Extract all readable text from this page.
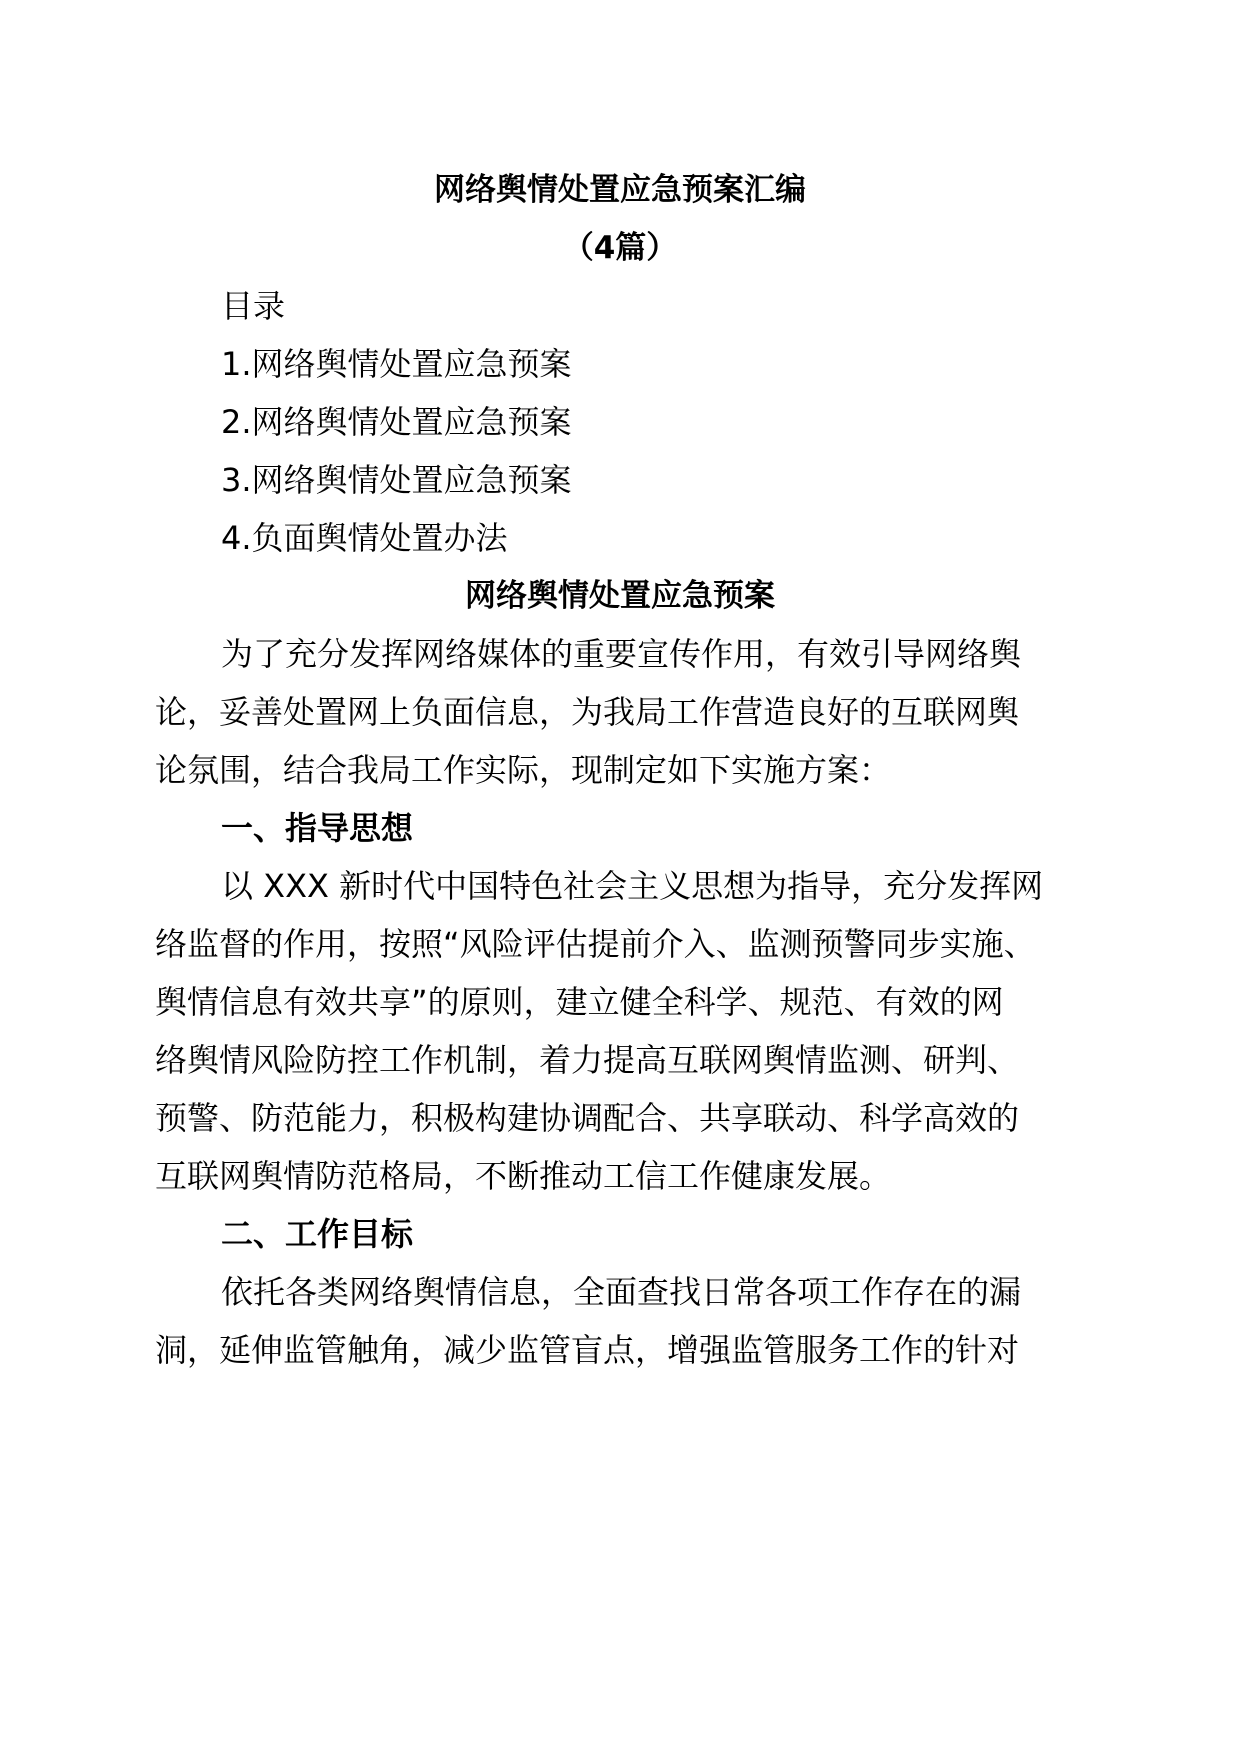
网络舆情处置应急预案汇编
（4篇）
目录
1.网络舆情处置应急预案
2.网络舆情处置应急预案
3.网络舆情处置应急预案
4.负面舆情处置办法
网络舆情处置应急预案
为了充分发挥网络媒体的重要宣传作用，有效引导网络舆
论，妥善处置网上负面信息，为我局工作营造良好的互联网舆
论氛围，结合我局工作实际，现制定如下实施方案：
一、指导思想
以 XXX 新时代中国特色社会主义思想为指导，充分发挥网
络监督的作用，按照“风险评估提前介入、监测预警同步实施、
舆情信息有效共享”的原则，建立健全科学、规范、有效的网
络舆情风险防控工作机制，着力提高互联网舆情监测、研判、
预警、防范能力，积极构建协调配合、共享联动、科学高效的
互联网舆情防范格局，不断推动工信工作健康发展。
二、工作目标
依托各类网络舆情信息，全面查找日常各项工作存在的漏
洞，延伸监管触角，减少监管盲点，增强监管服务工作的针对
